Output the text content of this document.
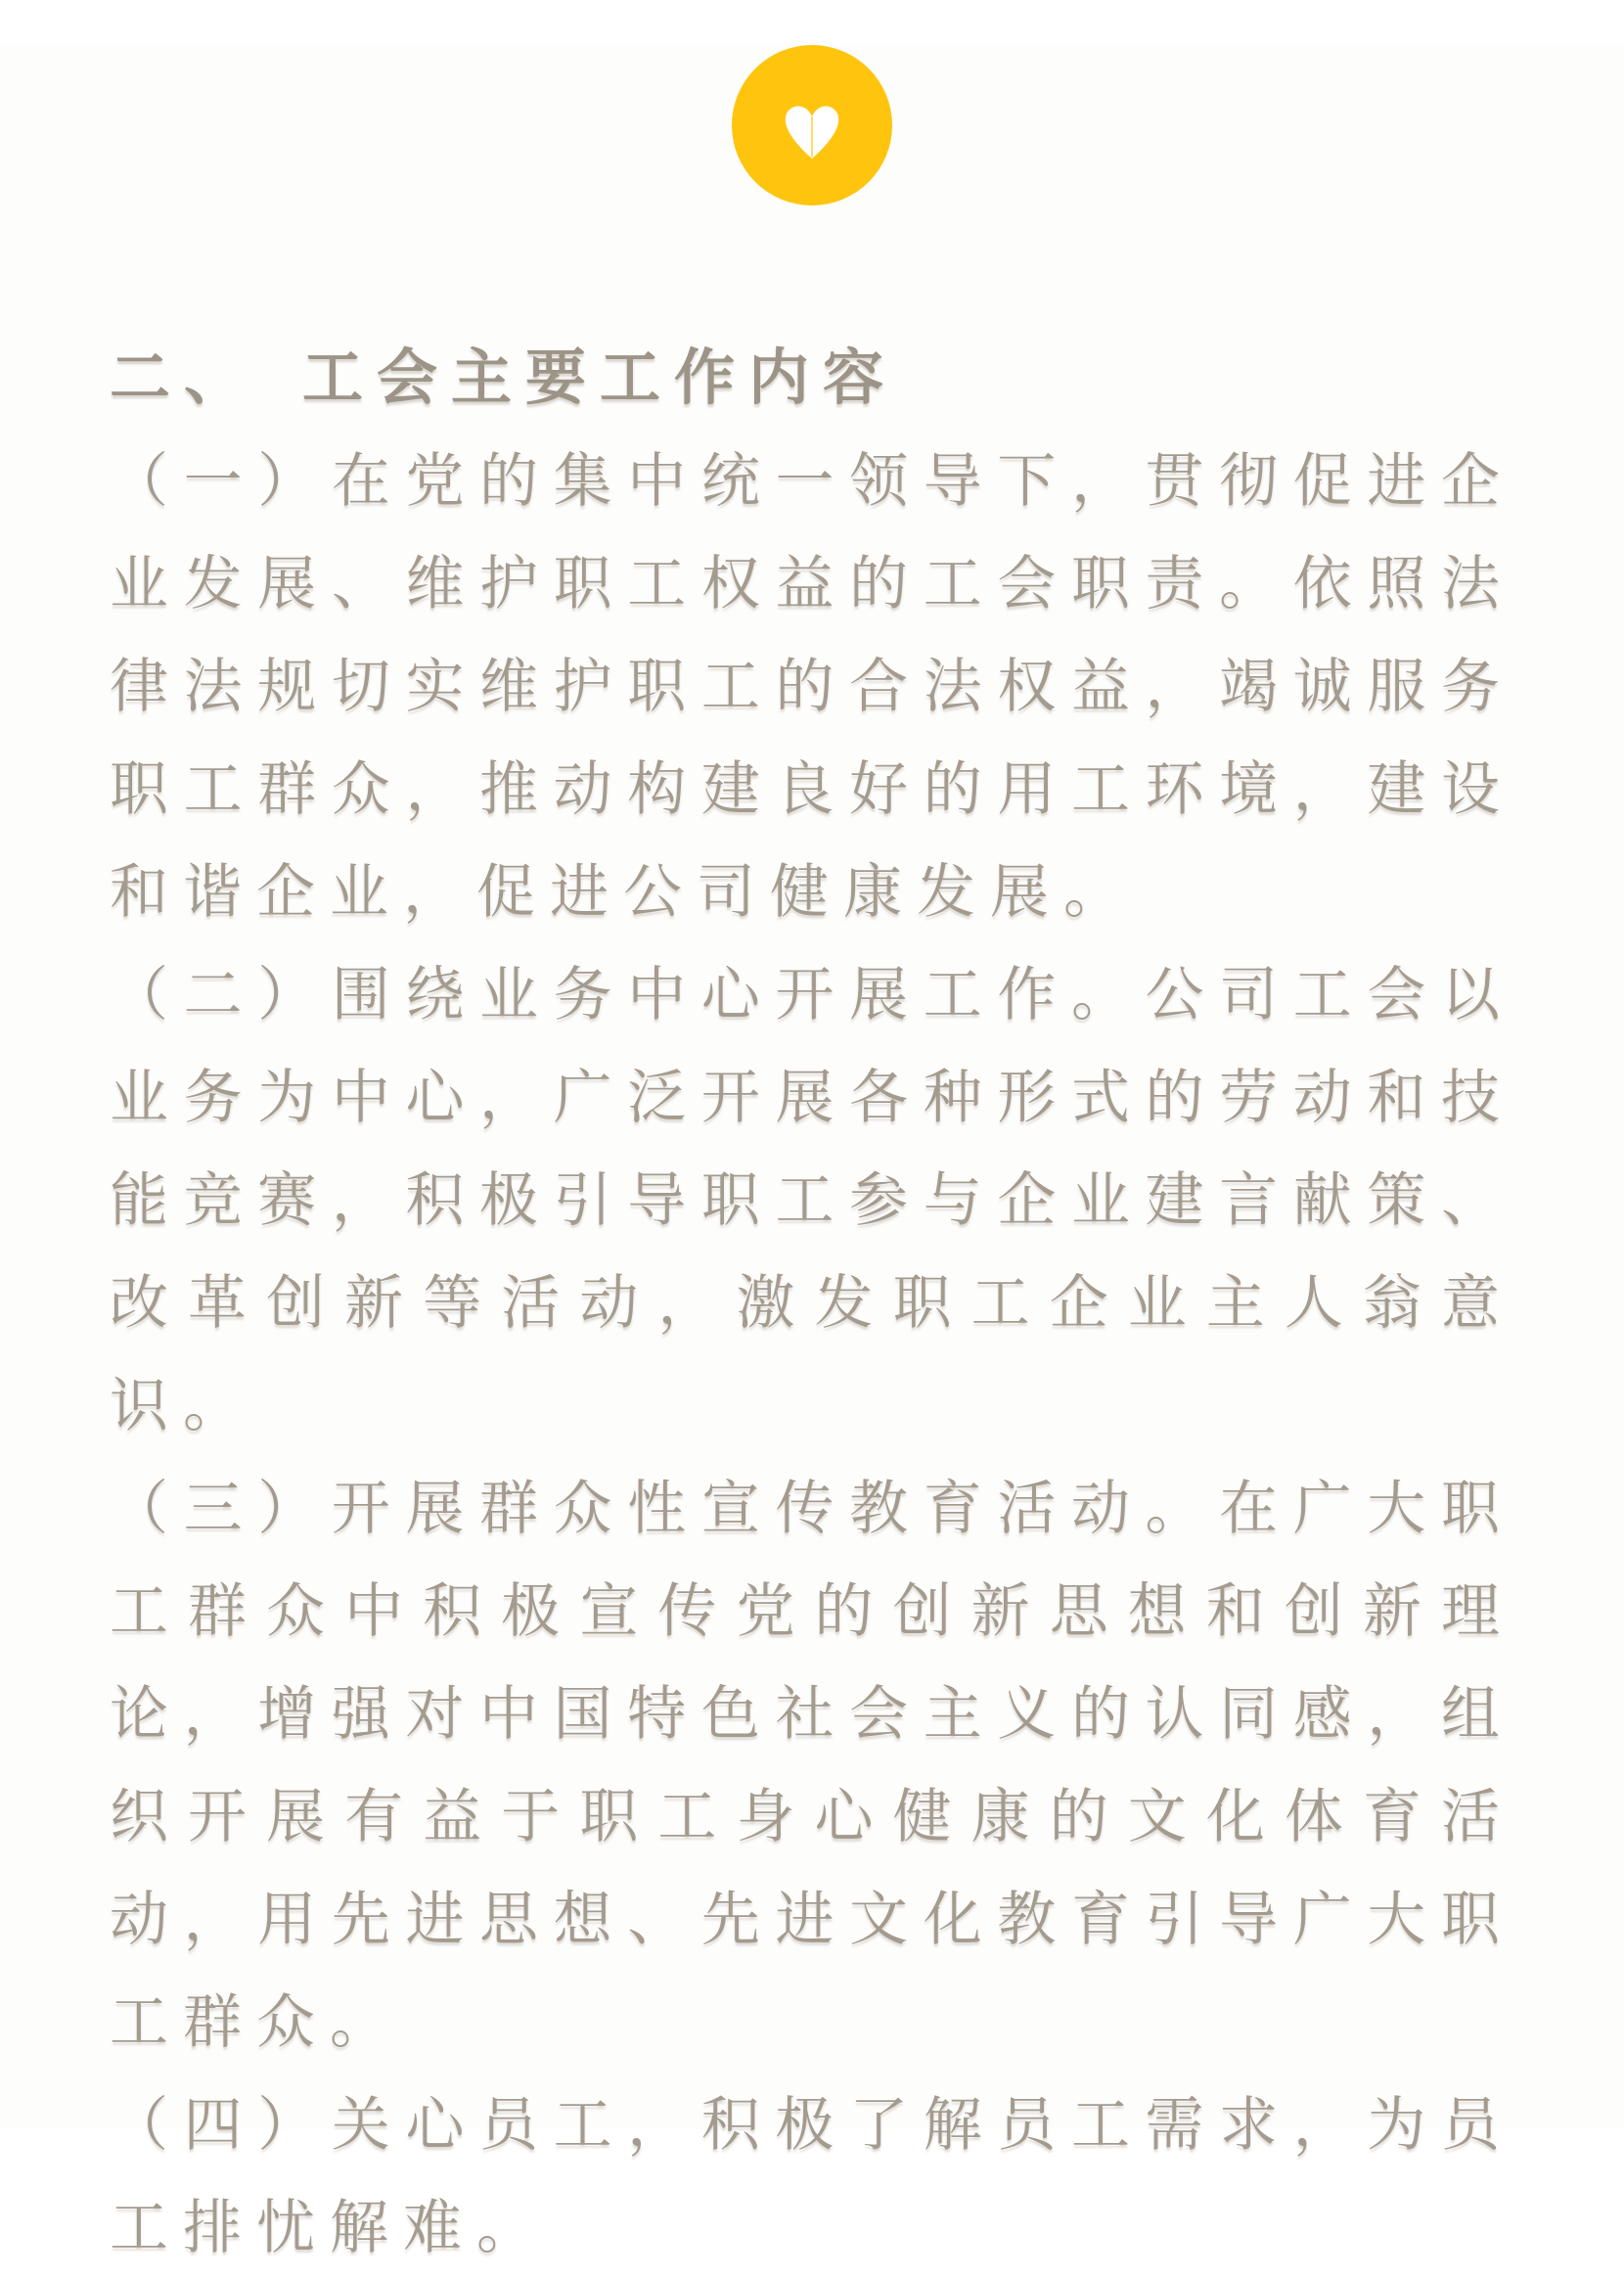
二、　工会主要工作内容

（一）在党的集中统一领导下，贯彻促进企业发展、维护职工权益的工会职责。依照法律法规切实维护职工的合法权益，竭诚服务职工群众，推动构建良好的用工环境，建设和谐企业，促进公司健康发展。

（二）围绕业务中心开展工作。公司工会以业务为中心，广泛开展各种形式的劳动和技能竞赛，积极引导职工参与企业建言献策、改革创新等活动，激发职工企业主人翁意识。

（三）开展群众性宣传教育活动。在广大职工群众中积极宣传党的创新思想和创新理论，增强对中国特色社会主义的认同感，组织开展有益于职工身心健康的文化体育活动，用先进思想、先进文化教育引导广大职工群众。

（四）关心员工，积极了解员工需求，为员工排忧解难。
